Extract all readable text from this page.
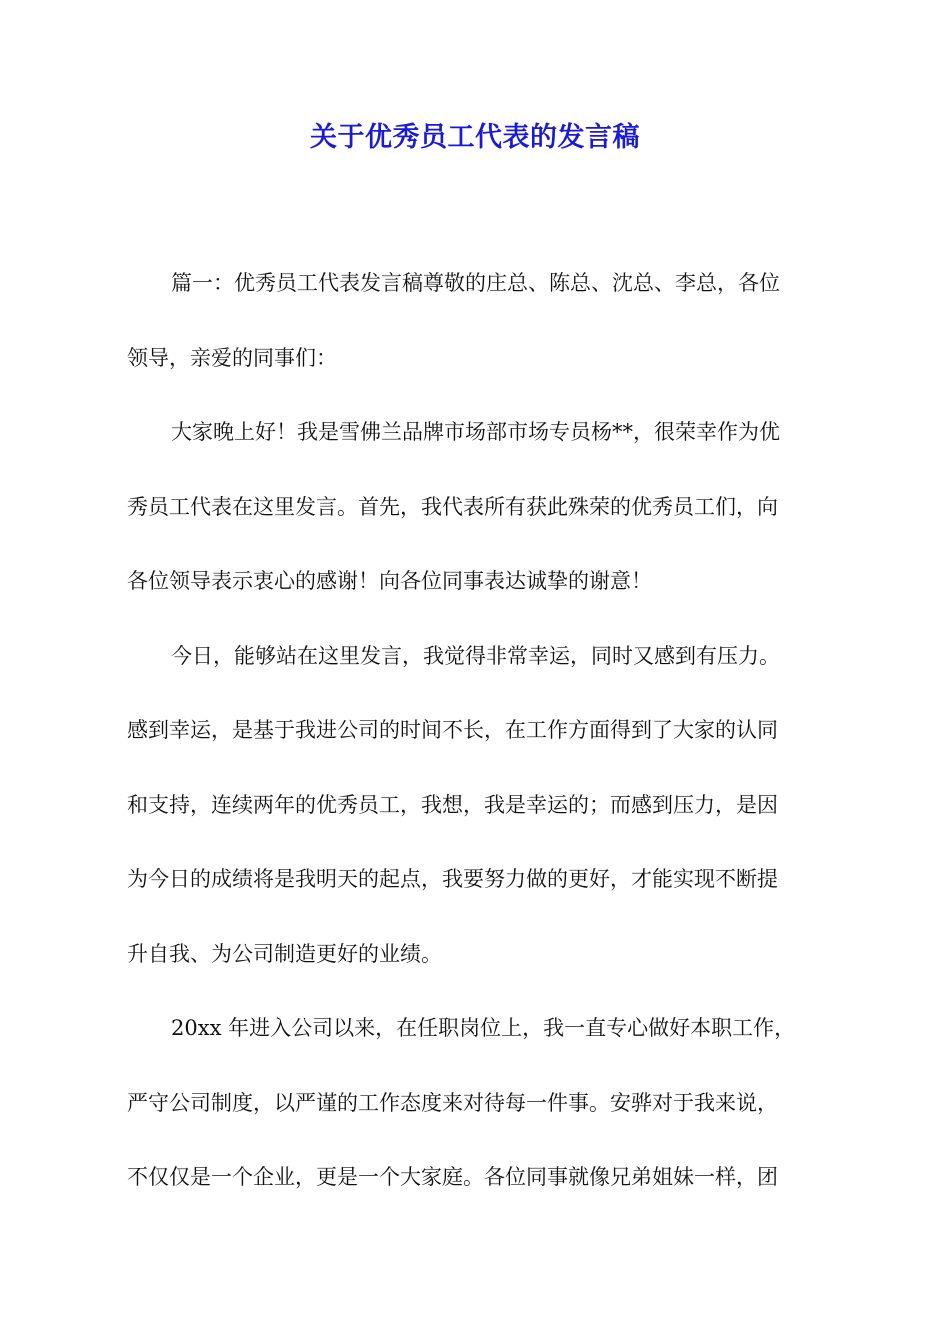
关于优秀员工代表的发言稿
篇一：优秀员工代表发言稿尊敬的庄总、陈总、沈总、李总，各位
领导，亲爱的同事们：
大家晚上好！我是雪佛兰品牌市场部市场专员杨**，很荣幸作为优
秀员工代表在这里发言。首先，我代表所有获此殊荣的优秀员工们，向
各位领导表示衷心的感谢！向各位同事表达诚挚的谢意！
今日，能够站在这里发言，我觉得非常幸运，同时又感到有压力。
感到幸运，是基于我进公司的时间不长，在工作方面得到了大家的认同
和支持，连续两年的优秀员工，我想，我是幸运的；而感到压力，是因
为今日的成绩将是我明天的起点，我要努力做的更好，才能实现不断提
升自我、为公司制造更好的业绩。
20xx 年进入公司以来，在任职岗位上，我一直专心做好本职工作，
严守公司制度，以严谨的工作态度来对待每一件事。安骅对于我来说，
不仅仅是一个企业，更是一个大家庭。各位同事就像兄弟姐妹一样，团
